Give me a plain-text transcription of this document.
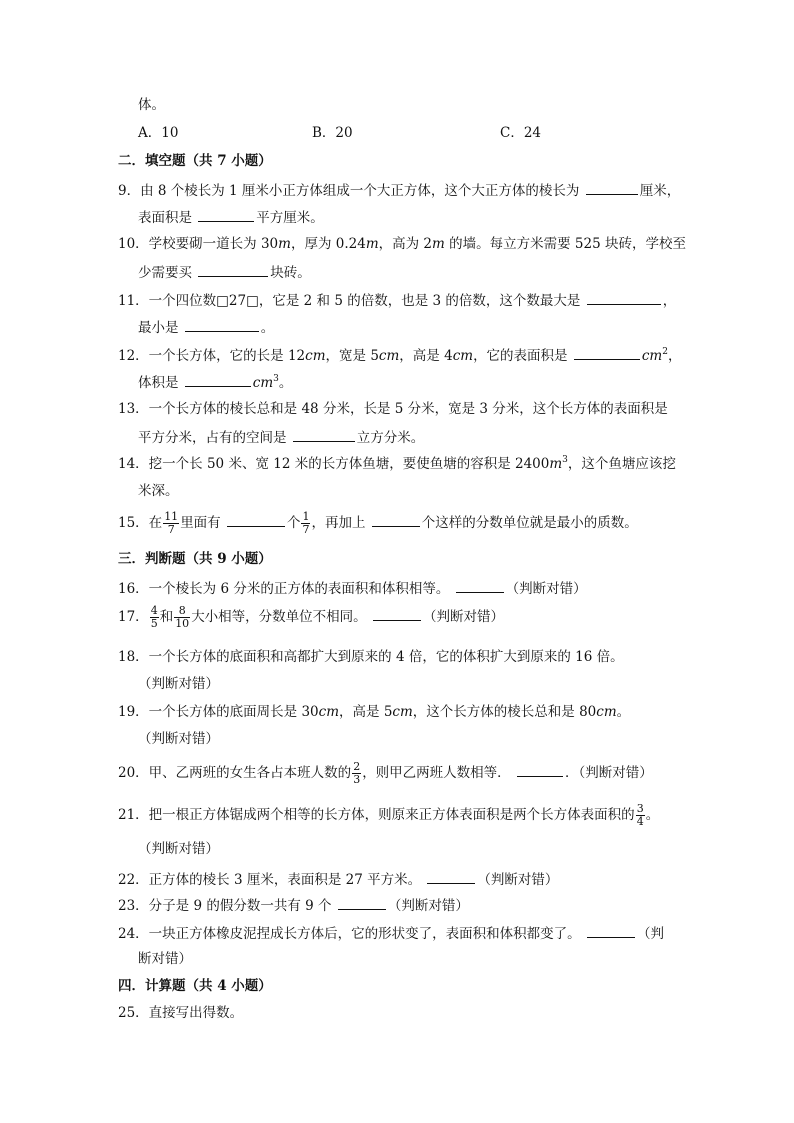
体。
A．10	B．20	C．24
二．填空题（共 7 小题）
9．由 8 个棱长为 1 厘米小正方体组成一个大正方体，这个大正方体的棱长为	厘米，
表面积是	平方厘米。
10．学校要砌一道长为 30m，厚为 0.24m，高为 2m 的墙。每立方米需要 525 块砖，学校至
少需要买	块砖。
11．一个四位数□27□，它是 2 和 5 的倍数，也是 3 的倍数，这个数最大是	，
最小是	。
12．一个长方体，它的长是 12cm，宽是 5cm，高是 4cm，它的表面积是	$cm^2$，
体积是	$cm^3$。
13．一个长方体的棱长总和是 48 分米，长是 5 分米，宽是 3 分米，这个长方体的表面积是
平方分米，占有的空间是	立方分米。
14．挖一个长 50 米、宽 12 米的长方体鱼塘，要使鱼塘的容积是 $2400m^3$，这个鱼塘应该挖
米深。
15．在 $\frac{11}{7}$ 里面有	个 $\frac{1}{7}$ ，再加上	个这样的分数单位就是最小的质数。
三．判断题（共 9 小题）
16．一个棱长为 6 分米的正方体的表面积和体积相等。	（判断对错）
17． $\frac{4}{5}$ 和 $\frac{8}{10}$ 大小相等，分数单位不相同。	（判断对错）
18．一个长方体的底面积和高都扩大到原来的 4 倍，它的体积扩大到原来的 16 倍。
（判断对错）
19．一个长方体的底面周长是 30cm，高是 5cm，这个长方体的棱长总和是 80cm。
（判断对错）
20．甲、乙两班的女生各占本班人数的 $\frac{2}{3}$ ，则甲乙两班人数相等．	．（判断对错）
21．把一根正方体锯成两个相等的长方体，则原来正方体表面积是两个长方体表面积的 $\frac{3}{4}$ 。
（判断对错）
22．正方体的棱长 3 厘米，表面积是 27 平方米。	（判断对错）
23．分子是 9 的假分数一共有 9 个	（判断对错）
24．一块正方体橡皮泥捏成长方体后，它的形状变了，表面积和体积都变了。	（判
断对错）
四．计算题（共 4 小题）
25．直接写出得数。
